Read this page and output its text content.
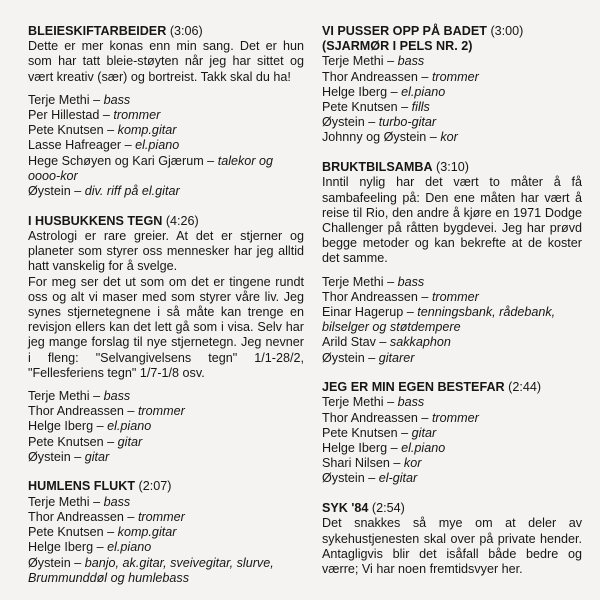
BLEIESKIFTARBEIDER (3:06)

Dette er mer konas enn min sang. Det er hun som har tatt bleie-støyten når jeg har sittet og vært kreativ (sær) og bortreist. Takk skal du ha!

Terje Methi – bass
Per Hillestad – trommer
Pete Knutsen – komp.gitar
Lasse Hafreager – el.piano
Hege Schøyen og Kari Gjærum – talekor og oooo-kor
Øystein – div. riff på el.gitar
I HUSBUKKENS TEGN (4:26)

Astrologi er rare greier. At det er stjerner og planeter som styrer oss mennesker har jeg alltid hatt vanskelig for å svelge.

For meg ser det ut som om det er tingene rundt oss og alt vi maser med som styrer våre liv. Jeg synes stjernetegnene i så måte kan trenge en revisjon ellers kan det lett gå som i visa. Selv har jeg mange forslag til nye stjernetegn. Jeg nevner i fleng: "Selvangivelsens tegn" 1/1-28/2, "Fellesferiens tegn" 1/7-1/8 osv.

Terje Methi – bass
Thor Andreassen – trommer
Helge Iberg – el.piano
Pete Knutsen – gitar
Øystein – gitar
HUMLENS FLUKT (2:07)
Terje Methi – bass
Thor Andreassen – trommer
Pete Knutsen – komp.gitar
Helge Iberg – el.piano
Øystein – banjo, ak.gitar, sveivegitar, slurve, Brummunddøl og humlebass
VI PUSSER OPP PÅ BADET (3:00)
(SJARMØR I PELS NR. 2)
Terje Methi – bass
Thor Andreassen – trommer
Helge Iberg – el.piano
Pete Knutsen – fills
Øystein – turbo-gitar
Johnny og Øystein – kor
BRUKTBILSAMBA (3:10)

Inntil nylig har det vært to måter å få sambafeeling på: Den ene måten har vært å reise til Rio, den andre å kjøre en 1971 Dodge Challenger på råtten bygdevei. Jeg har prøvd begge metoder og kan bekrefte at de koster det samme.

Terje Methi – bass
Thor Andreassen – trommer
Einar Hagerup – tenningsbank, rådebank, bilselger og støtdempere
Arild Stav – sakkaphon
Øystein – gitarer
JEG ER MIN EGEN BESTEFAR (2:44)
Terje Methi – bass
Thor Andreassen – trommer
Pete Knutsen – gitar
Helge Iberg – el.piano
Shari Nilsen – kor
Øystein – el-gitar
SYK '84 (2:54)

Det snakkes så mye om at deler av sykehustjenesten skal over på private hender. Antagligvis blir det isåfall både bedre og værre; Vi har noen fremtidsvyer her.
